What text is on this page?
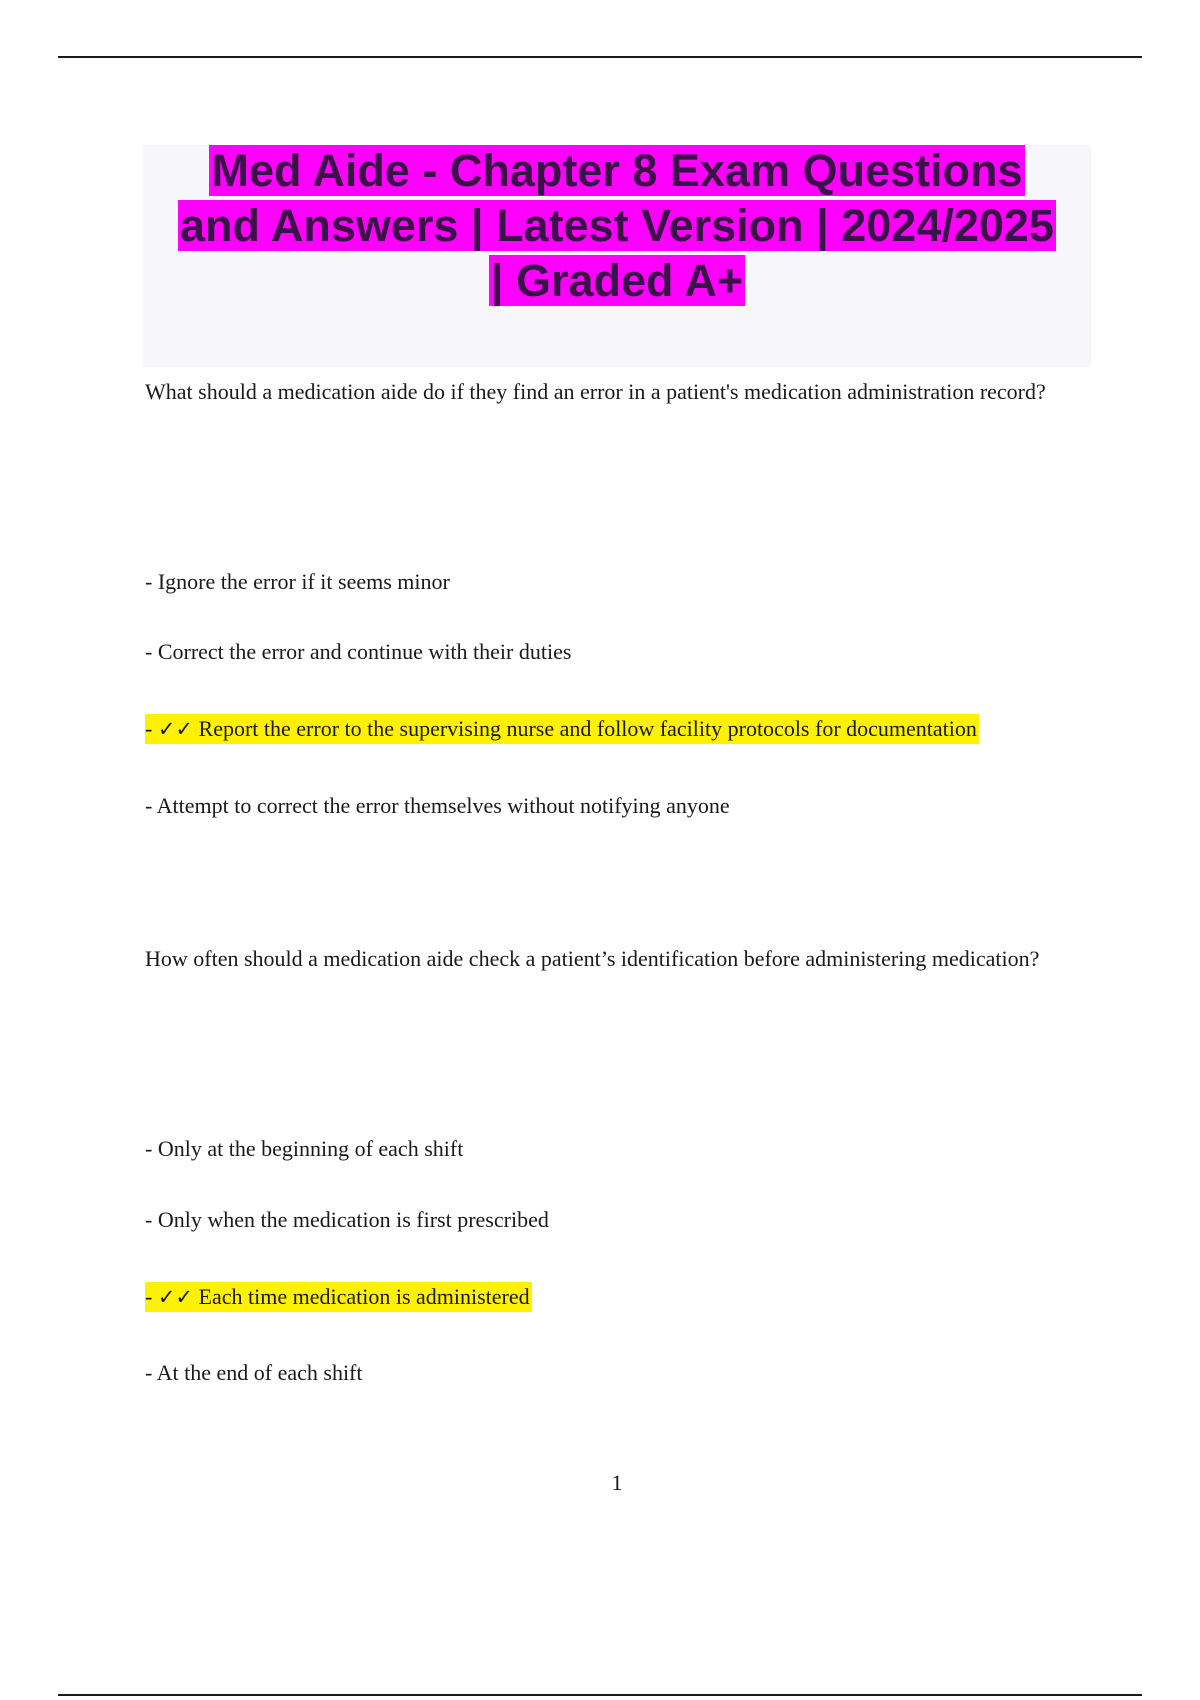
Med Aide - Chapter 8 Exam Questions
and Answers | Latest Version | 2024/2025
| Graded A+

What should a medication aide do if they find an error in a patient's medication administration record?

- Ignore the error if it seems minor
- Correct the error and continue with their duties
- ✓✓ Report the error to the supervising nurse and follow facility protocols for documentation
- Attempt to correct the error themselves without notifying anyone

How often should a medication aide check a patient’s identification before administering medication?

- Only at the beginning of each shift
- Only when the medication is first prescribed
- ✓✓ Each time medication is administered
- At the end of each shift
1
